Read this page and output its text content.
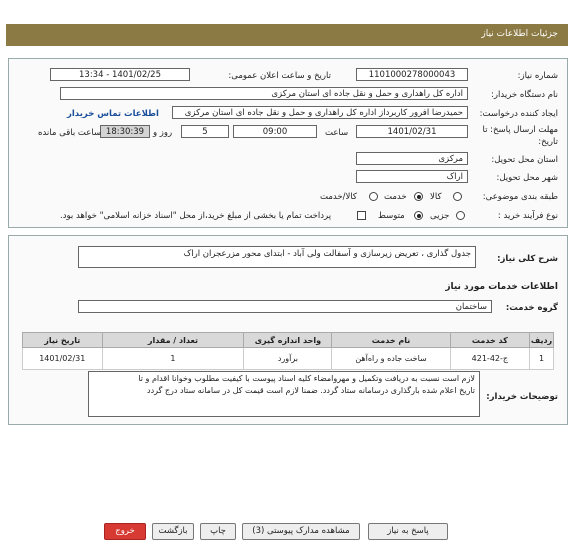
جزئیات اطلاعات نیاز
شماره نیاز:
1101000278000043
تاریخ و ساعت اعلان عمومی:
1401/02/25 - 13:34
نام دستگاه خریدار:
اداره کل راهداری و حمل و نقل جاده ای استان مرکزی
ایجاد کننده درخواست:
حمیدرضا افرور کاربرداز اداره کل راهداری و حمل و نقل جاده ای استان مرکزی
اطلاعات تماس خریدار
مهلت ارسال پاسخ: تا
تاریخ:
1401/02/31
ساعت
09:00
5
روز و
18:30:39
ساعت باقی مانده
استان محل تحویل:
مرکزی
شهر محل تحویل:
اراک
طبقه بندی موضوعی:
کالا
خدمت
کالا/خدمت
نوع فرآیند خرید :
جزیی
متوسط
پرداخت تمام یا بخشی از مبلغ خرید،از محل "اسناد خزانه اسلامی" خواهد بود.
شرح کلی نیاز:
جدول گذاری ، تعریض زیرسازی و آسفالت ولی آباد - ابتدای محور مزرعجران اراک
اطلاعات خدمات مورد نیاز
گروه خدمت:
ساختمان
ردیف	کد خدمت	نام خدمت	واحد اندازه گیری	تعداد / مقدار	تاریخ نیاز
1	ج-42-421	ساخت جاده و راه‌آهن	برآورد	1	1401/02/31
توضیحات خریدار:
لازم است نسبت به دریافت وتکمیل و مهروامضاء کلیه اسناد پیوست با کیفیت مطلوب وخوانا اقدام و تا
تاریخ اعلام شده بارگذاری درسامانه ستاد گردد. ضمنا لازم است قیمت کل در سامانه ستاد درج گردد
پاسخ به نیاز
مشاهده مدارک پیوستی (3)
چاپ
بازگشت
خروج
